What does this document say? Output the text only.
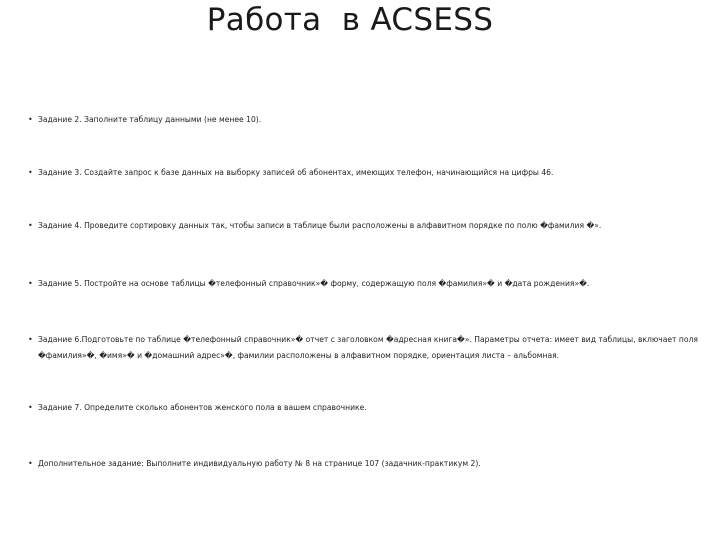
Работа  в ACSESS
• Задание 2. Заполните таблицу данными (не менее 10).
• Задание 3. Создайте запрос к базе данных на выборку записей об абонентах, имеющих телефон, начинающийся на цифры 46.
• Задание 4. Проведите сортировку данных так, чтобы записи в таблице были расположены в алфавитном порядке по полю �фамилия �».
• Задание 5. Постройте на основе таблицы �телефонный справочник»� форму, содержащую поля �фамилия»� и �дата рождения»�.
• Задание 6.Подготовьте по таблице �телефонный справочник»� отчет с заголовком �адресная книга�». Параметры отчета: имеет вид таблицы, включает поля �фамилия»�, �имя»� и �домашний адрес»�, фамилии расположены в алфавитном порядке, ориентация листа – альбомная.
• Задание 7. Определите сколько абонентов женского пола в вашем справочнике.
• Дополнительное задание: Выполните индивидуальную работу № 8 на странице 107 (задачник-практикум 2).
